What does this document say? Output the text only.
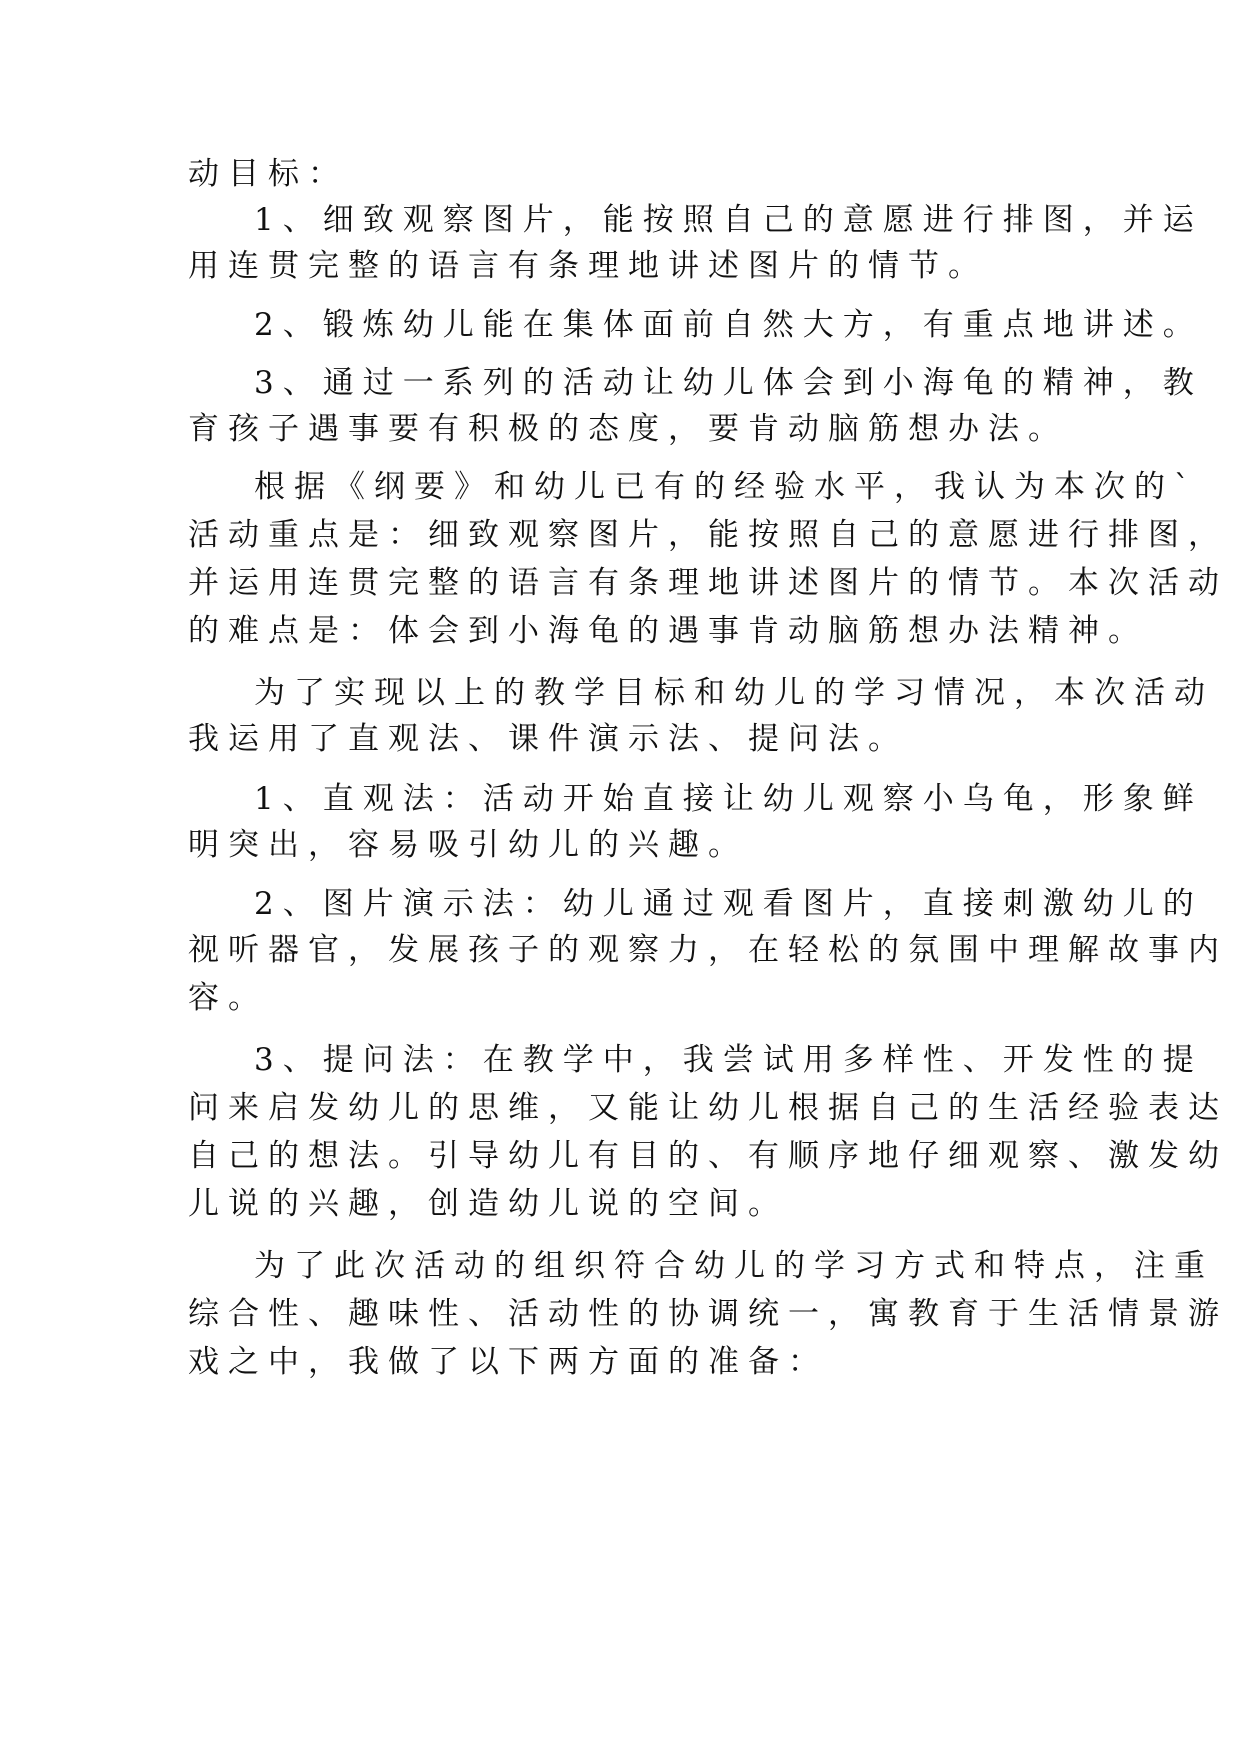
动目标：
1、细致观察图片，能按照自己的意愿进行排图，并运
用连贯完整的语言有条理地讲述图片的情节。
2、锻炼幼儿能在集体面前自然大方，有重点地讲述。
3、通过一系列的活动让幼儿体会到小海龟的精神，教
育孩子遇事要有积极的态度，要肯动脑筋想办法。
根据《纲要》和幼儿已有的经验水平，我认为本次的`
活动重点是：细致观察图片，能按照自己的意愿进行排图，
并运用连贯完整的语言有条理地讲述图片的情节。本次活动
的难点是：体会到小海龟的遇事肯动脑筋想办法精神。
为了实现以上的教学目标和幼儿的学习情况，本次活动
我运用了直观法、课件演示法、提问法。
1、直观法：活动开始直接让幼儿观察小乌龟，形象鲜
明突出，容易吸引幼儿的兴趣。
2、图片演示法：幼儿通过观看图片，直接刺激幼儿的
视听器官，发展孩子的观察力，在轻松的氛围中理解故事内
容。
3、提问法：在教学中，我尝试用多样性、开发性的提
问来启发幼儿的思维，又能让幼儿根据自己的生活经验表达
自己的想法。引导幼儿有目的、有顺序地仔细观察、激发幼
儿说的兴趣，创造幼儿说的空间。
为了此次活动的组织符合幼儿的学习方式和特点，注重
综合性、趣味性、活动性的协调统一，寓教育于生活情景游
戏之中，我做了以下两方面的准备：
